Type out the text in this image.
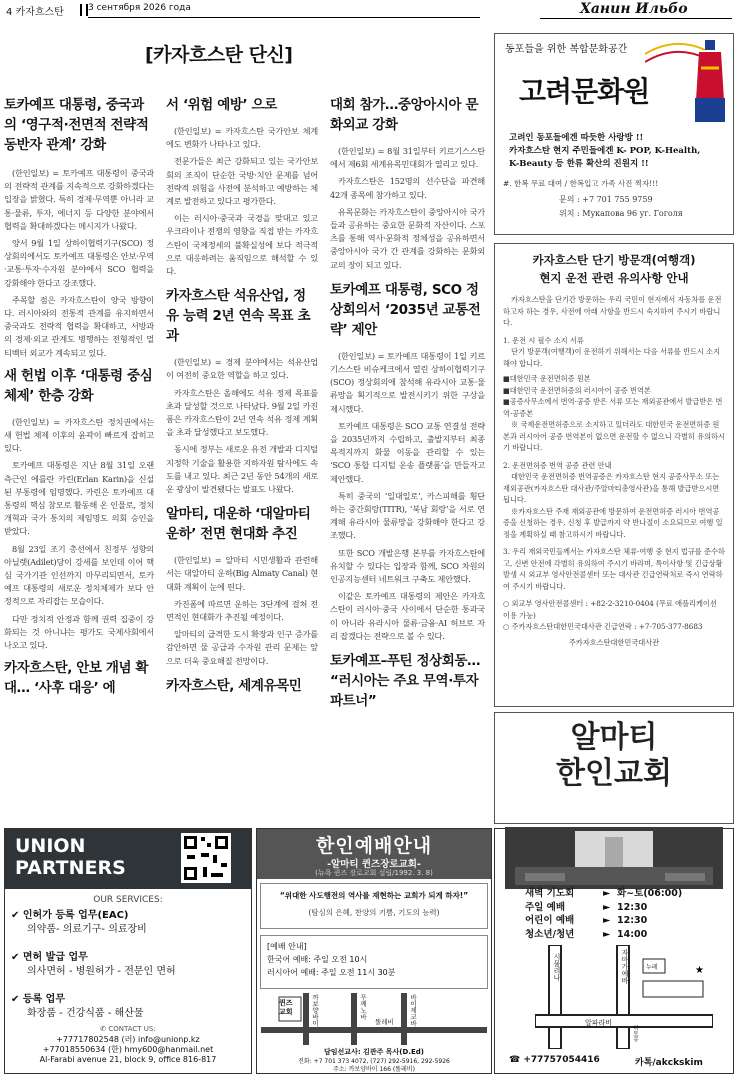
4 카자흐스탄	3 сентября 2026 года	Ханин Ильбо
[카자흐스탄 단신]
토카예프 대통령, 중국과의 ‘영구적·전면적 전략적 동반자 관계’ 강화

(한인일보) = 토카예프 대통령이 중국과의 전략적 관계를 지속적으로 강화하겠다는 입장을 밝혔다. 특히 경제·무역뿐 아니라 교통·물류, 투자, 에너지 등 다양한 분야에서 협력을 확대하겠다는 메시지가 나왔다.

양서 9월 1일 상하이협력기구(SCO) 정상회의에서도 토카예프 대통령은 안보·무역·교통·투자·수자원 분야에서 SCO 협력을 강화해야 한다고 강조했다.

주목할 점은 카자흐스탄이 양국 방향이다. 러시아와의 전통적 관계를 유지하면서 중국과도 전략적 협력을 확대하고, 서방과의 경제·외교 관계도 병행하는 전형적인 멀티벡터 외교가 계속되고 있다.

새 헌법 이후 ‘대통령 중심 체제’ 한층 강화

(한인일보) = 카자흐스탄 정치권에서는 새 헌법 체제 이후의 윤곽이 빠르게 잡히고 있다.

토카예프 대통령은 지난 8월 31일 오랜 측근인 에를란 카린(Erlan Karin)을 신설된 부통령에 임명했다. 카린은 토카예프 대통령의 핵심 참모로 활동해 온 인물로, 정치 개혁과 국가 통치의 제임명도 의회 승인을 받았다.

8월 23일 조기 총선에서 친정부 성향의 아닐렛(Adilet)당이 강세를 보인데 이어 핵심 국가기관 인선까지 마무리되면서, 토카예프 대통령의 새로운 정치체제가 보다 안정적으로 자리잡는 모습이다.

다만 정치적 안정과 함께 권력 집중이 강화되는 것 아니냐는 평가도 국제사회에서 나오고 있다.

카자흐스탄, 안보 개념 확대… ‘사후 대응’ 에
서 ‘위험 예방’ 으로

(한인일보) = 카자흐스탄 국가안보 체계에도 변화가 나타나고 있다.

전문가들은 최근 강화되고 있는 국가안보회의 조직이 단순한 국방·치안 문제를 넘어 전략적 위험을 사전에 분석하고 예방하는 체계로 발전하고 있다고 평가한다.

이는 러시아·중국과 국경을 맞대고 있고 우크라이나 전쟁의 영향을 직접 받는 카자흐스탄이 국제정세의 불확실성에 보다 적극적으로 대응하려는 움직임으로 해석할 수 있다.

카자흐스탄 석유산업, 정유 능력 2년 연속 목표 초과

(한인일보) = 경제 분야에서는 석유산업이 여전히 중요한 역할을 하고 있다.

카자흐스탄은 올해에도 석유 정제 목표를 초과 달성할 것으로 나타났다. 9월 2일 카진폼은 카자흐스탄이 2년 연속 석유 정제 계획을 초과 달성했다고 보도했다.

동시에 정부는 새로운 유전 개발과 디지털 지정학 기술을 활용한 지하자원 탐사에도 속도를 내고 있다. 최근 2년 동안 54개의 새로운 광상이 발견됐다는 발표도 나왔다.

알마티, 대운하 ‘대알마티 운하’ 전면 현대화 추진

(한인일보) = 알마티 시민생활과 관련해서는 대알마티 운하(Big Almaty Canal) 현대화 계획이 눈에 띈다.

카진폼에 따르면 운하는 3단계에 걸쳐 전면적인 현대화가 추진될 예정이다.

알마티의 급격한 도시 확장과 인구 증가를 감안하면 물 공급과 수자원 관리 문제는 앞으로 더욱 중요해질 전망이다.

카자흐스탄, 세계유목민
대회 참가…중앙아시아 문화외교 강화

(한인일보) = 8월 31일부터 키르기스스탄에서 제6회 세계유목민대회가 열리고 있다.

카자흐스탄은 152명의 선수단을 파견해 42개 종목에 참가하고 있다.

유목문화는 카자흐스탄이 중앙아시아 국가들과 공유하는 중요한 문화적 자산이다. 스포츠를 통해 역사·문화적 정체성을 공유하면서 중앙아시아 국가 간 관계를 강화하는 문화외교의 장이 되고 있다.

토카예프 대통령, SCO 정상회의서 ‘2035년 교통전략’ 제안

(한인일보) = 토카예프 대통령이 1일 키르기스스탄 비슈케크에서 열린 상하이협력기구(SCO) 정상회의에 참석해 유라시아 교통·물류망을 획기적으로 발전시키기 위한 구상을 제시했다.

토카예프 대통령은 SCO 교통 연결성 전략을 2035년까지 수립하고, 출발지부터 최종 목적지까지 화물 이동을 관리할 수 있는 ‘SCO 통합 디지털 운송 플랫폼’을 만들자고 제안했다.

특히 중국의 ‘일대일로’, 카스피해를 횡단하는 중간회랑(TITR), ‘북남 회랑’을 서로 연계해 유라시아 물류망을 강화해야 한다고 강조했다.

또한 SCO 개발은행 본부를 카자흐스탄에 유치할 수 있다는 입장과 함께, SCO 차원의 인공지능센터 네트워크 구축도 제안했다.

이같은 토카예프 대통령의 제안은 카자흐스탄이 러시아·중국 사이에서 단순한 통과국이 아니라 유라시아 물류·금융·AI 허브로 자리 잡겠다는 전략으로 볼 수 있다.

토카예프–푸틴 정상회동… “러시아는 주요 무역·투자 파트너”
동포들을 위한 복합문화공간
고려문화원
고려인 동포들에겐 따듯한 사랑방 !!
카자흐스탄 현지 주민들에겐 K- POP, K-Health,
K-Beauty 등 한류 확산의 진원지 !!
#. 한복 무료 대여 / 한복입고 가족 사진 찍자!!!
문의 : +7 701 755 9759
위치 : Мукапова 96 уг. Гоголя
카자흐스탄 단기 방문객(여행객)
현지 운전 관련 유의사항 안내
카자흐스탄을 단기간 방문하는 우리 국민이 현지에서 자동차를 운전하고자 하는 경우, 사전에 아래 사항을 반드시 숙지하여 주시기 바랍니다.
1. 운전 시 필수 소지 서류
단기 방문객(여행객)이 운전하기 위해서는 다음 서류를 반드시 소지해야 합니다.
■대한민국 운전면허증 원본
■대한민국 운전면허증의 러시아어 공증 번역본
■공증사무소에서 번역·공증 받은 서류 또는 재외공관에서 발급받은 번역·공증본
※ 국제운전면허증으로 소지하고 있더라도 대한민국 운전면허증 원본과 러시아어 공증 번역본이 없으면 운전할 수 없으니 각별히 유의하시기 바랍니다.
2. 운전면허증 번역 공증 관련 안내
대한민국 운전면허증 번역공증은 카자흐스탄 현지 공증사무소 또는 재외공관(카자흐스탄 대사관/주알마티총영사관)을 통해 발급받으시면 됩니다.
※카자흐스탄 주재 재외공관에 방문하여 운전면허증 러시아 번역공증을 신청하는 경우, 신청 후 발급까지 약 반나절이 소요되므로 여행 일정을 계획하실 때 참고하시기 바랍니다.
3. 우리 재외국민들께서는 카자흐스탄 체류·여행 중 현지 법규를 준수하고, 신변 안전에 각별히 유의하여 주시기 바라며, 특이사항 및 긴급상황 발생 시 외교부 영사안전콜센터 또는 대사관 긴급연락처로 즉시 연락하여 주시기 바랍니다.
○ 외교부 영사안전콜센터 : +82-2-3210-0404 (무료 애플리케이션 이용 가능)
○ 주카자흐스탄대한민국대사관 긴급연락 : +7-705-377-8683
주카자흐스탄대한민국대사관
알마티
한인교회
UNION
PARTNERS
OUR SERVICES:
✔ 인허가 등록 업무(EAC)
의약품- 의료기구- 의료장비
✔ 면허 발급 업무
의사면허 - 병원허가 - 전문인 면허
✔ 등록 업무
화장품 - 건강식품 - 해산물
✆ CONTACT US:
+77717802548 (러) info@unionp.kz
+77018550634 (한) hmy600@hanmail.net
Al-Farabi avenue 21, block 9, office 816-817
한인예배안내
-알마티 퀸즈장로교회-
(뉴욕 퀸즈 장로교회 설립/1992. 3. 8)
“위대한 사도행전의 역사를 재현하는 교회가 되게 하자!”
(탐심의 은혜, 찬양의 기쁨, 기도의 능력)
[예배 안내]
한국어 예배: 주일 오전 10시
러시아어 예배: 주일 오전 11시 30분
퀸즈교회	까보양바이	무께노바
똘레비 바이제코바
담임선교사: 김관주 목사(D.Ed)
전화: +7 701 373 4072, (727) 292-5916, 292-5926
주소: 까보양바이 166 (똘레비)
새벽 기도회	► 화~토(06:00)
주일 예배	► 12:30
어린이 예배	► 12:30
청소년/청년	► 14:00
★
시물리나	자마가예바	누레
알파라비
하토몽
☎ +77757054416	카톡/akckskim
